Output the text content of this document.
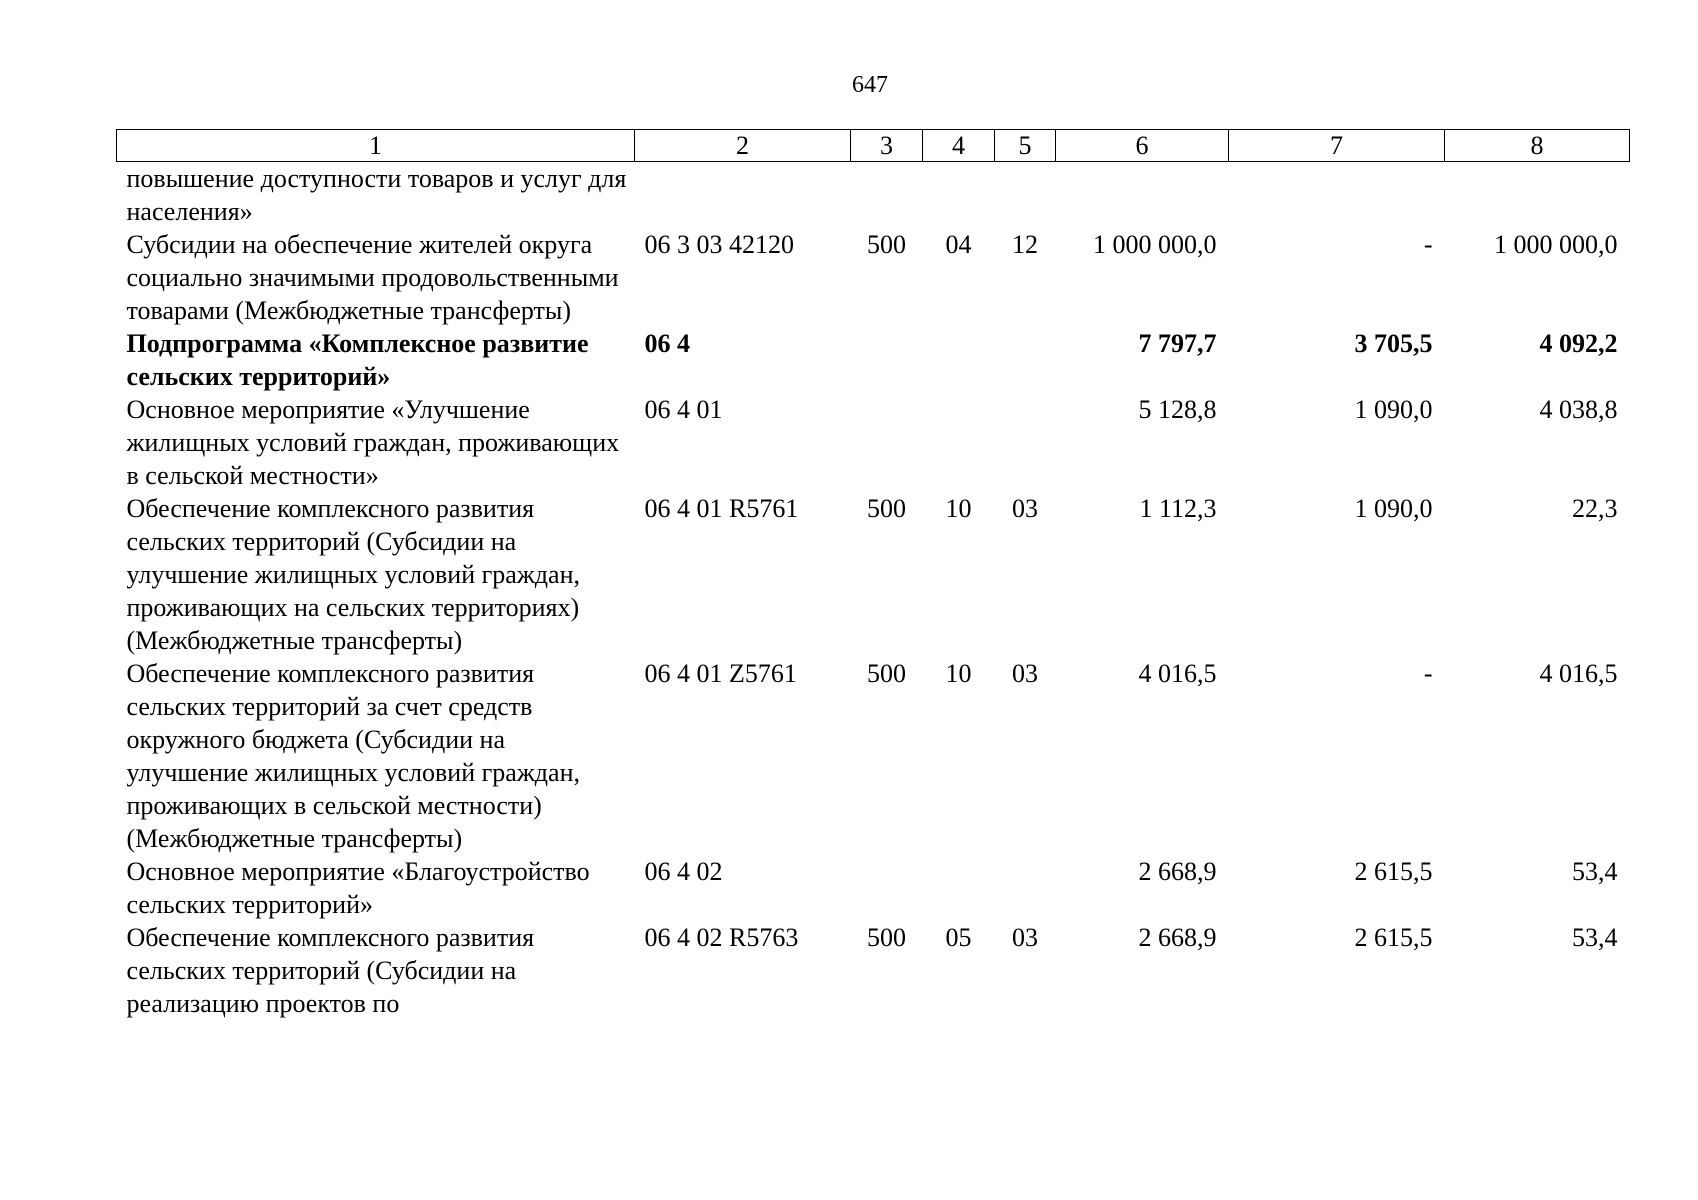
647
1	2	3	4	5	6	7	8
повышение доступности товаров и услуг для населения»							
Субсидии на обеспечение жителей округа социально значимыми продовольственными товарами (Межбюджетные трансферты)	06 3 03 42120	500	04	12	1 000 000,0	-	1 000 000,0
Подпрограмма «Комплексное развитие сельских территорий»	06 4				7 797,7	3 705,5	4 092,2
Основное мероприятие «Улучшение жилищных условий граждан, проживающих в сельской местности»	06 4 01				5 128,8	1 090,0	4 038,8
Обеспечение комплексного развития сельских территорий (Субсидии на улучшение жилищных условий граждан, проживающих на сельских территориях) (Межбюджетные трансферты)	06 4 01 R5761	500	10	03	1 112,3	1 090,0	22,3
Обеспечение комплексного развития сельских территорий за счет средств окружного бюджета (Субсидии на улучшение жилищных условий граждан, проживающих в сельской местности) (Межбюджетные трансферты)	06 4 01 Z5761	500	10	03	4 016,5	-	4 016,5
Основное мероприятие «Благоустройство сельских территорий»	06 4 02				2 668,9	2 615,5	53,4
Обеспечение комплексного развития сельских территорий (Субсидии на реализацию проектов по	06 4 02 R5763	500	05	03	2 668,9	2 615,5	53,4
